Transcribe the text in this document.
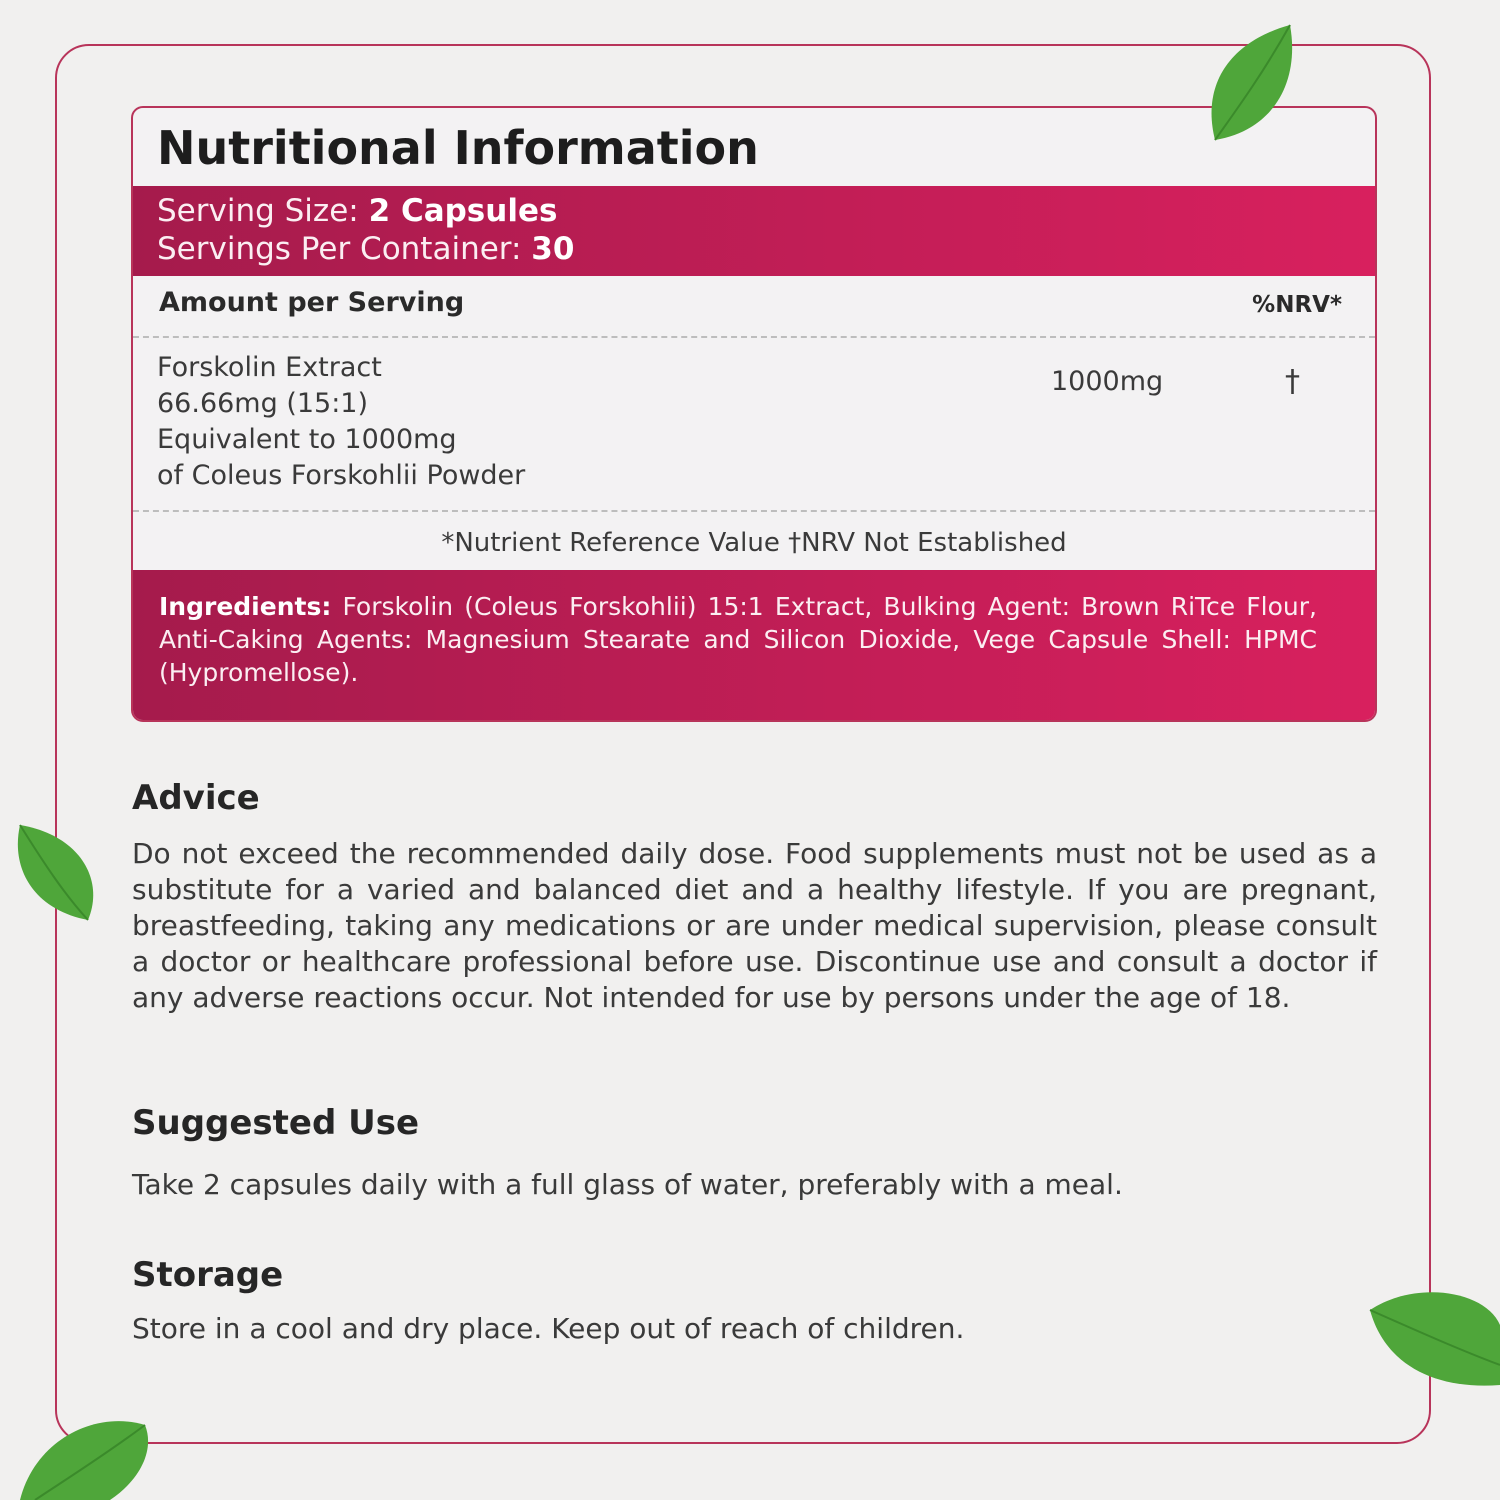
Nutritional Information
Serving Size: 2 Capsules
Servings Per Container: 30
Amount per Serving	%NRV*
Forskolin Extract
66.66mg (15:1)
Equivalent to 1000mg
of Coleus Forskohlii Powder
1000mg	†
*Nutrient Reference Value †NRV Not Established
Ingredients: Forskolin (Coleus Forskohlii) 15:1 Extract, Bulking Agent: Brown RiTce Flour, Anti-Caking Agents: Magnesium Stearate and Silicon Dioxide, Vege Capsule Shell: HPMC (Hypromellose).
Advice
Do not exceed the recommended daily dose. Food supplements must not be used as a substitute for a varied and balanced diet and a healthy lifestyle. If you are pregnant, breastfeeding, taking any medications or are under medical supervision, please consult a doctor or healthcare professional before use. Discontinue use and consult a doctor if any adverse reactions occur. Not intended for use by persons under the age of 18.
Suggested Use
Take 2 capsules daily with a full glass of water, preferably with a meal.
Storage
Store in a cool and dry place. Keep out of reach of children.
